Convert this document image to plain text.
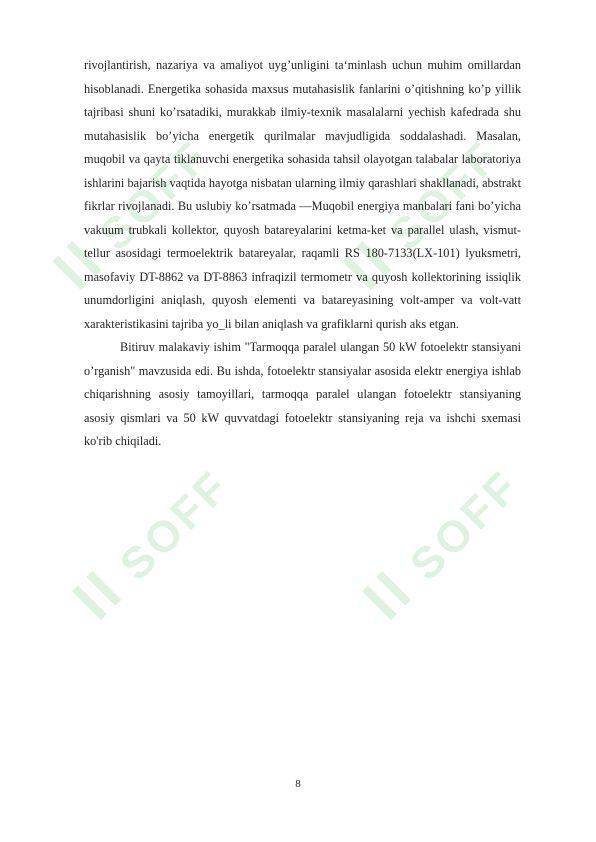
ꟾꟾ SOFF
ꟾꟾ SOFF
ꟾꟾ SOFF
ꟾꟾ SOFF

rivojlantirish, nazariya va amaliyot uyg’unligini ta‘minlash uchun muhim omillardan hisoblanadi. Energetika sohasida maxsus mutahasislik fanlarini o’qitishning ko’p yillik tajribasi shuni ko’rsatadiki, murakkab ilmiy-texnik masalalarni yechish kafedrada shu mutahasislik bo’yicha energetik qurilmalar mavjudligida soddalashadi. Masalan, muqobil va qayta tiklanuvchi energetika sohasida tahsil olayotgan talabalar laboratoriya ishlarini bajarish vaqtida hayotga nisbatan ularning ilmiy qarashlari shakllanadi, abstrakt fikrlar rivojlanadi. Bu uslubiy ko’rsatmada —Muqobil energiya manbalari fani bo’yicha vakuum trubkali kollektor, quyosh batareyalarini ketma-ket va parallel ulash, vismut-tellur asosidagi termoelektrik batareyalar, raqamli RS 180-7133(LX-101) lyuksmetri, masofaviy DT-8862 va DT-8863 infraqizil termometr va quyosh kollektorining issiqlik unumdorligini aniqlash, quyosh elementi va batareyasining volt-amper va volt-vatt xarakteristikasini tajriba yo_li bilan aniqlash va grafiklarni qurish aks etgan.

Bitiruv malakaviy ishim "Tarmoqqa paralel ulangan 50 kW fotoelektr stansiyani o’rganish" mavzusida edi. Bu ishda, fotoelektr stansiyalar asosida elektr energiya ishlab chiqarishning asosiy tamoyillari, tarmoqqa paralel ulangan fotoelektr stansiyaning asosiy qismlari va 50 kW quvvatdagi fotoelektr stansiyaning reja va ishchi sxemasi ko'rib chiqiladi.

8
